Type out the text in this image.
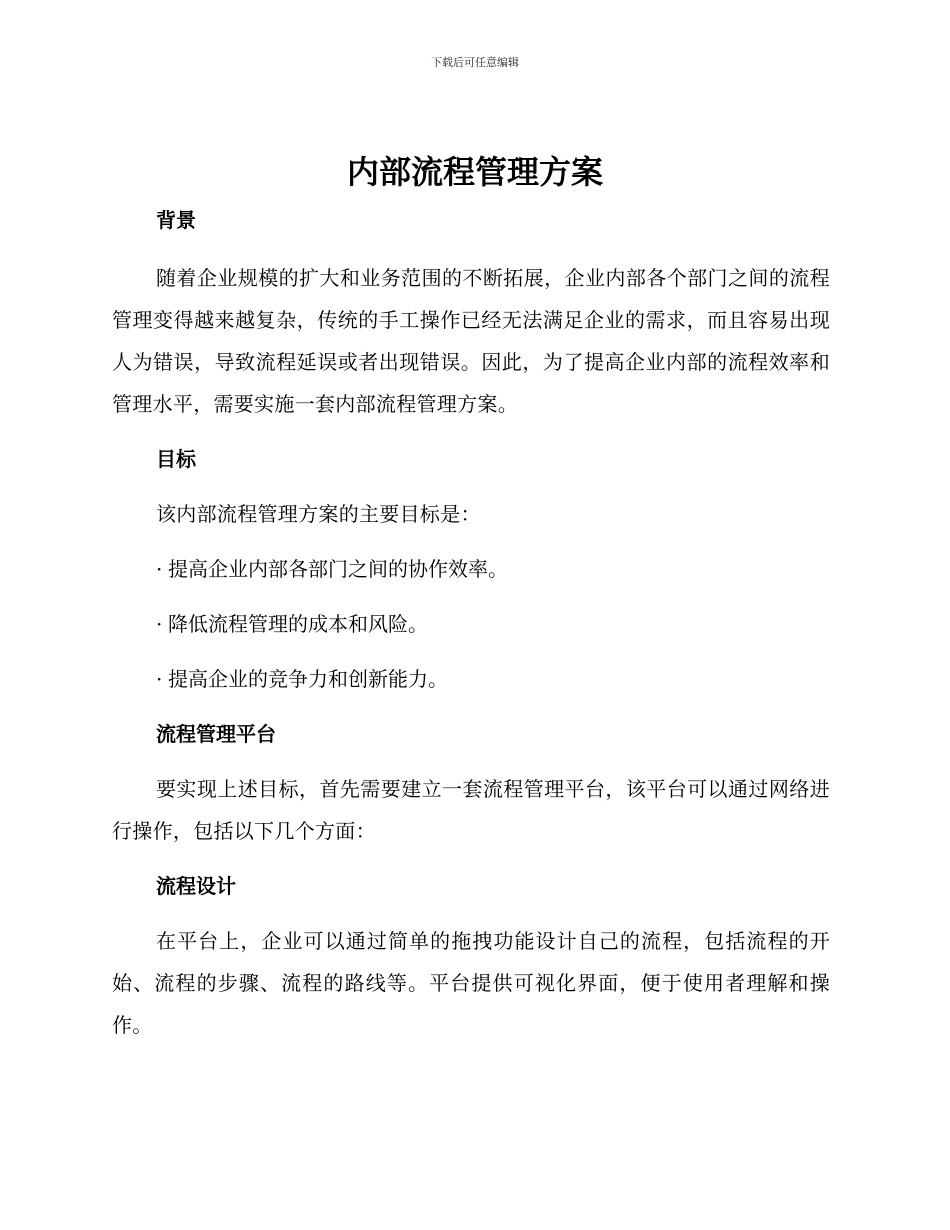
下载后可任意编辑
内部流程管理方案
背景

随着企业规模的扩大和业务范围的不断拓展，企业内部各个部门之间的流程管理变得越来越复杂，传统的手工操作已经无法满足企业的需求，而且容易出现人为错误，导致流程延误或者出现错误。因此，为了提高企业内部的流程效率和管理水平，需要实施一套内部流程管理方案。

目标

该内部流程管理方案的主要目标是：

· 提高企业内部各部门之间的协作效率。

· 降低流程管理的成本和风险。

· 提高企业的竞争力和创新能力。

流程管理平台

要实现上述目标，首先需要建立一套流程管理平台，该平台可以通过网络进行操作，包括以下几个方面：

流程设计

在平台上，企业可以通过简单的拖拽功能设计自己的流程，包括流程的开始、流程的步骤、流程的路线等。平台提供可视化界面，便于使用者理解和操作。
